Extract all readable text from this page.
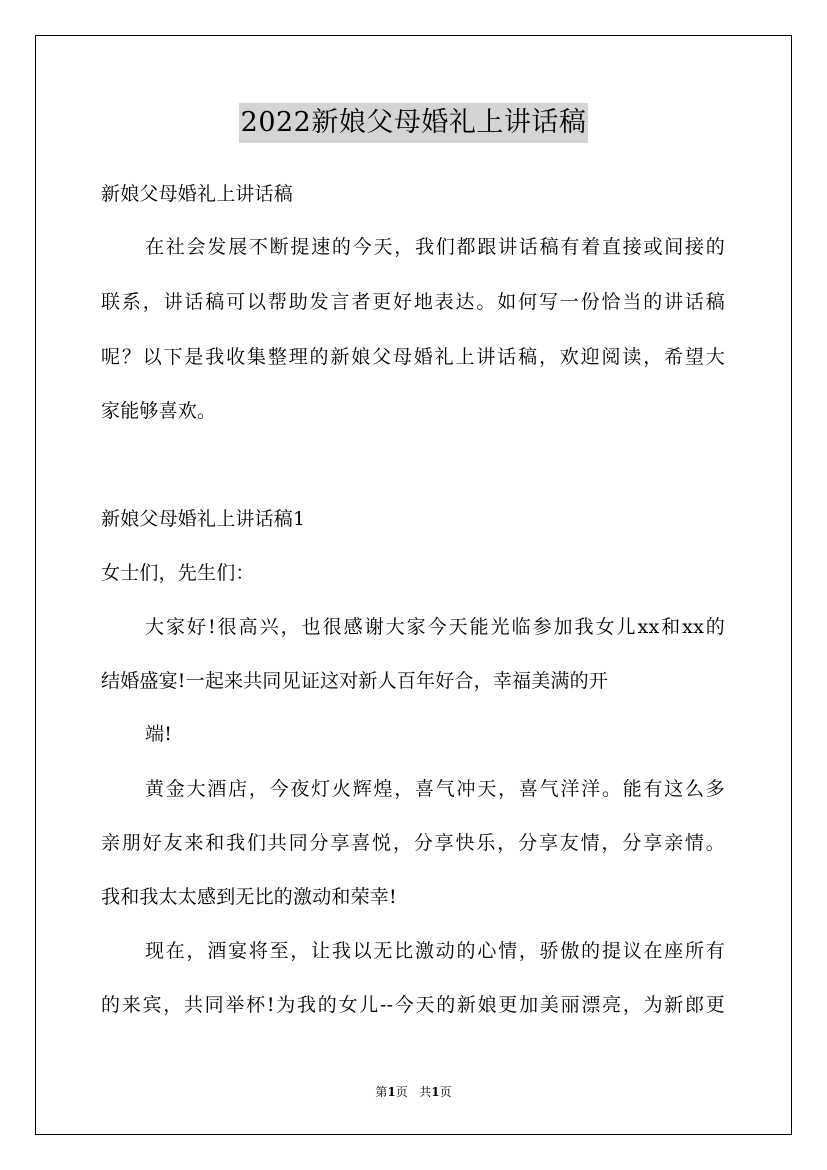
2022新娘父母婚礼上讲话稿
新娘父母婚礼上讲话稿
在社会发展不断提速的今天，我们都跟讲话稿有着直接或间接的
联系，讲话稿可以帮助发言者更好地表达。如何写一份恰当的讲话稿
呢？以下是我收集整理的新娘父母婚礼上讲话稿，欢迎阅读，希望大
家能够喜欢。
新娘父母婚礼上讲话稿1
女士们，先生们：
大家好!很高兴，也很感谢大家今天能光临参加我女儿xx和xx的
结婚盛宴!一起来共同见证这对新人百年好合，幸福美满的开
端!
黄金大酒店，今夜灯火辉煌，喜气冲天，喜气洋洋。能有这么多
亲朋好友来和我们共同分享喜悦，分享快乐，分享友情，分享亲情。
我和我太太感到无比的激动和荣幸!
现在，酒宴将至，让我以无比激动的心情，骄傲的提议在座所有
的来宾，共同举杯!为我的女儿--今天的新娘更加美丽漂亮，为新郎更
第1页 共1页
